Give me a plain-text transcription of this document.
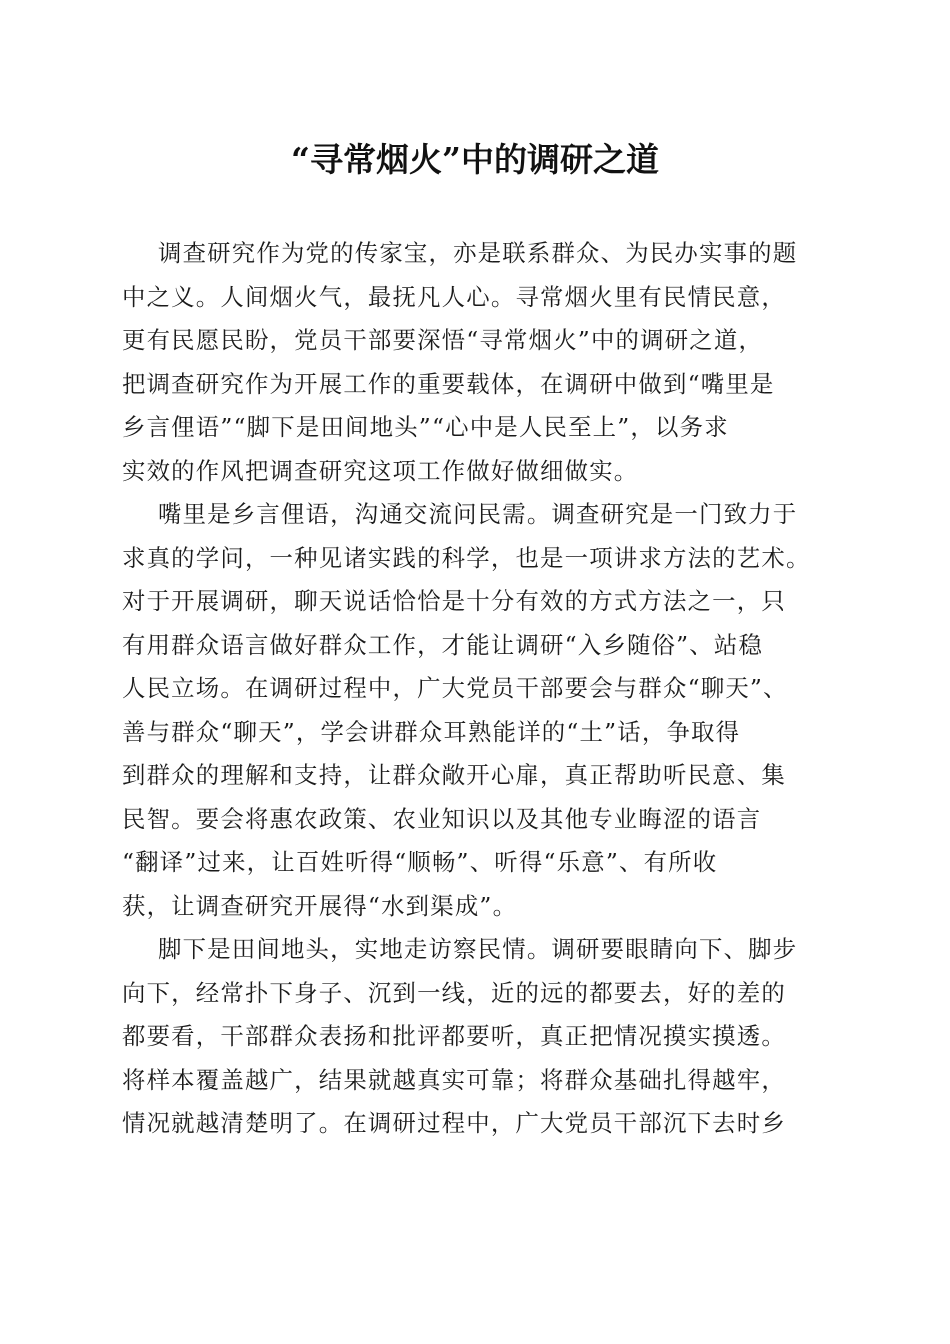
“寻常烟火”中的调研之道
调查研究作为党的传家宝，亦是联系群众、为民办实事的题
中之义。人间烟火气，最抚凡人心。寻常烟火里有民情民意，
更有民愿民盼，党员干部要深悟“寻常烟火”中的调研之道，
把调查研究作为开展工作的重要载体，在调研中做到“嘴里是
乡言俚语”“脚下是田间地头”“心中是人民至上”，以务求
实效的作风把调查研究这项工作做好做细做实。
嘴里是乡言俚语，沟通交流问民需。调查研究是一门致力于
求真的学问，一种见诸实践的科学，也是一项讲求方法的艺术。
对于开展调研，聊天说话恰恰是十分有效的方式方法之一，只
有用群众语言做好群众工作，才能让调研“入乡随俗”、站稳
人民立场。在调研过程中，广大党员干部要会与群众“聊天”、
善与群众“聊天”，学会讲群众耳熟能详的“土”话，争取得
到群众的理解和支持，让群众敞开心扉，真正帮助听民意、集
民智。要会将惠农政策、农业知识以及其他专业晦涩的语言
“翻译”过来，让百姓听得“顺畅”、听得“乐意”、有所收
获，让调查研究开展得“水到渠成”。
脚下是田间地头，实地走访察民情。调研要眼睛向下、脚步
向下，经常扑下身子、沉到一线，近的远的都要去，好的差的
都要看，干部群众表扬和批评都要听，真正把情况摸实摸透。
将样本覆盖越广，结果就越真实可靠；将群众基础扎得越牢，
情况就越清楚明了。在调研过程中，广大党员干部沉下去时乡
